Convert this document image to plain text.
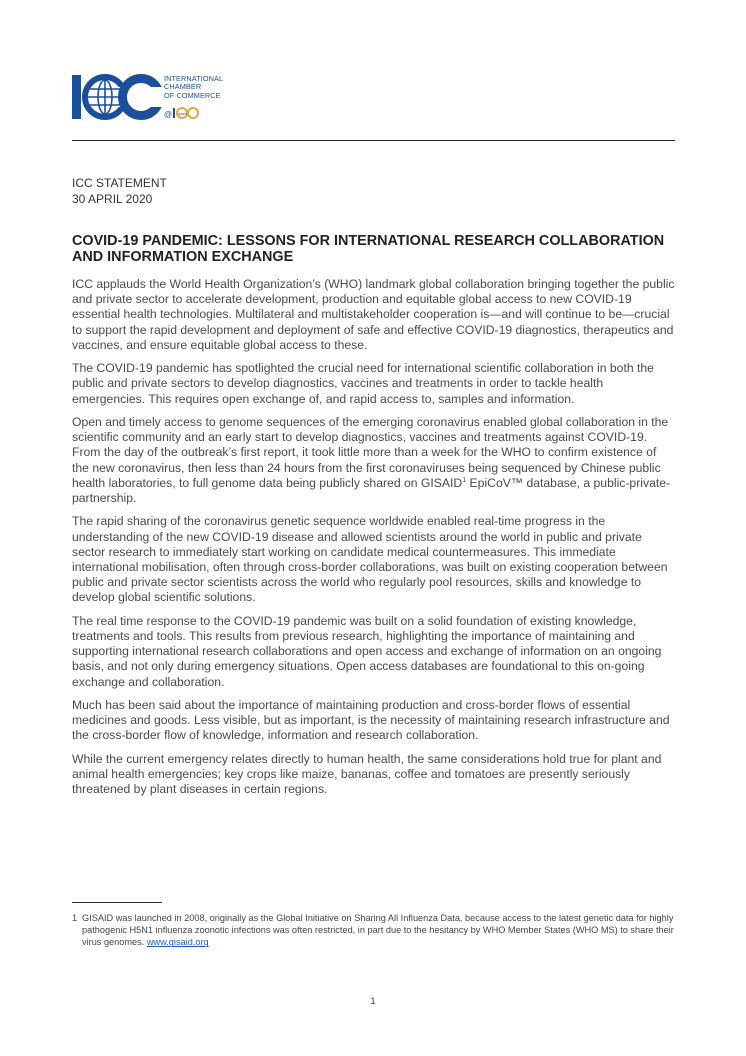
INTERNATIONAL
CHAMBER
OF COMMERCE
@ years
ICC STATEMENT
30 APRIL 2020
COVID-19 PANDEMIC: LESSONS FOR INTERNATIONAL RESEARCH COLLABORATION AND INFORMATION EXCHANGE

ICC applauds the World Health Organization’s (WHO) landmark global collaboration bringing together the public and private sector to accelerate development, production and equitable global access to new COVID-19 essential health technologies. Multilateral and multistakeholder cooperation is—and will continue to be—crucial to support the rapid development and deployment of safe and effective COVID-19 diagnostics, therapeutics and vaccines, and ensure equitable global access to these.

The COVID-19 pandemic has spotlighted the crucial need for international scientific collaboration in both the public and private sectors to develop diagnostics, vaccines and treatments in order to tackle health emergencies. This requires open exchange of, and rapid access to, samples and information.

Open and timely access to genome sequences of the emerging coronavirus enabled global collaboration in the scientific community and an early start to develop diagnostics, vaccines and treatments against COVID-19. From the day of the outbreak’s first report, it took little more than a week for the WHO to confirm existence of the new coronavirus, then less than 24 hours from the first coronaviruses being sequenced by Chinese public health laboratories, to full genome data being publicly shared on GISAID$^1$ EpiCoV™ database, a public-private-partnership.

The rapid sharing of the coronavirus genetic sequence worldwide enabled real-time progress in the understanding of the new COVID-19 disease and allowed scientists around the world in public and private sector research to immediately start working on candidate medical countermeasures. This immediate international mobilisation, often through cross-border collaborations, was built on existing cooperation between public and private sector scientists across the world who regularly pool resources, skills and knowledge to develop global scientific solutions.

The real time response to the COVID-19 pandemic was built on a solid foundation of existing knowledge, treatments and tools. This results from previous research, highlighting the importance of maintaining and supporting international research collaborations and open access and exchange of information on an ongoing basis, and not only during emergency situations. Open access databases are foundational to this on-going exchange and collaboration.

Much has been said about the importance of maintaining production and cross-border flows of essential medicines and goods. Less visible, but as important, is the necessity of maintaining research infrastructure and the cross-border flow of knowledge, information and research collaboration.

While the current emergency relates directly to human health, the same considerations hold true for plant and animal health emergencies; key crops like maize, bananas, coffee and tomatoes are presently seriously threatened by plant diseases in certain regions.

1 GISAID was launched in 2008, originally as the Global Initiative on Sharing All Influenza Data, because access to the latest genetic data for highly pathogenic H5N1 influenza zoonotic infections was often restricted, in part due to the hesitancy by WHO Member States (WHO MS) to share their virus genomes. www.gisaid.org
1
